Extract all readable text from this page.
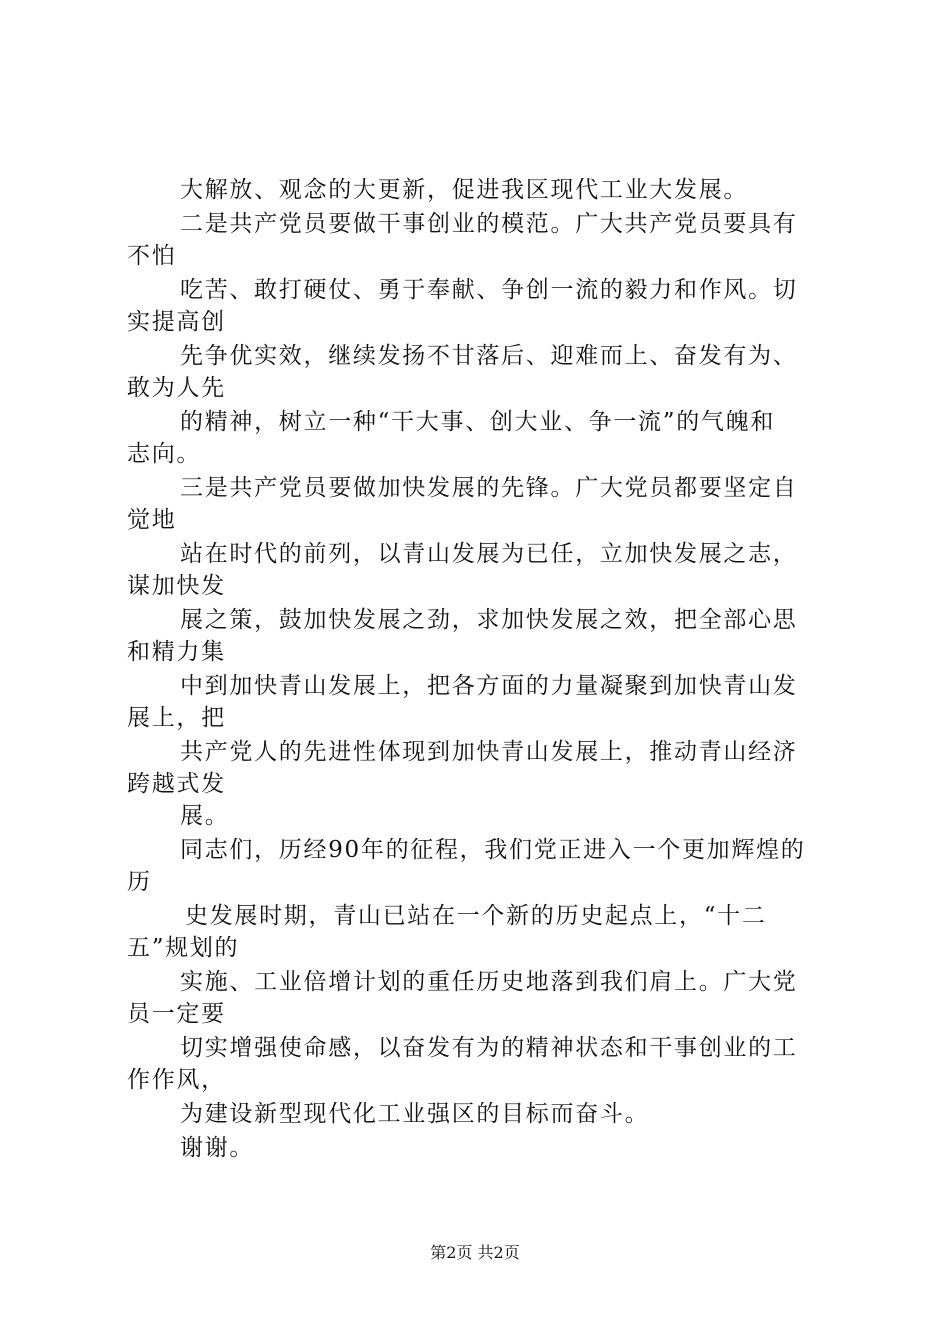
大解放、观念的大更新，促进我区现代工业大发展。
二是共产党员要做干事创业的模范。广大共产党员要具有
不怕
吃苦、敢打硬仗、勇于奉献、争创一流的毅力和作风。切
实提高创
先争优实效，继续发扬不甘落后、迎难而上、奋发有为、
敢为人先
的精神，树立一种“干大事、创大业、争一流”的气魄和
志向。
三是共产党员要做加快发展的先锋。广大党员都要坚定自
觉地
站在时代的前列，以青山发展为已任，立加快发展之志，
谋加快发
展之策，鼓加快发展之劲，求加快发展之效，把全部心思
和精力集
中到加快青山发展上，把各方面的力量凝聚到加快青山发
展上，把
共产党人的先进性体现到加快青山发展上，推动青山经济
跨越式发
展。
同志们，历经90年的征程，我们党正进入一个更加辉煌的
历
史发展时期，青山已站在一个新的历史起点上，“十二
五”规划的
实施、工业倍增计划的重任历史地落到我们肩上。广大党
员一定要
切实增强使命感，以奋发有为的精神状态和干事创业的工
作作风，
为建设新型现代化工业强区的目标而奋斗。
谢谢。
第2页 共2页
